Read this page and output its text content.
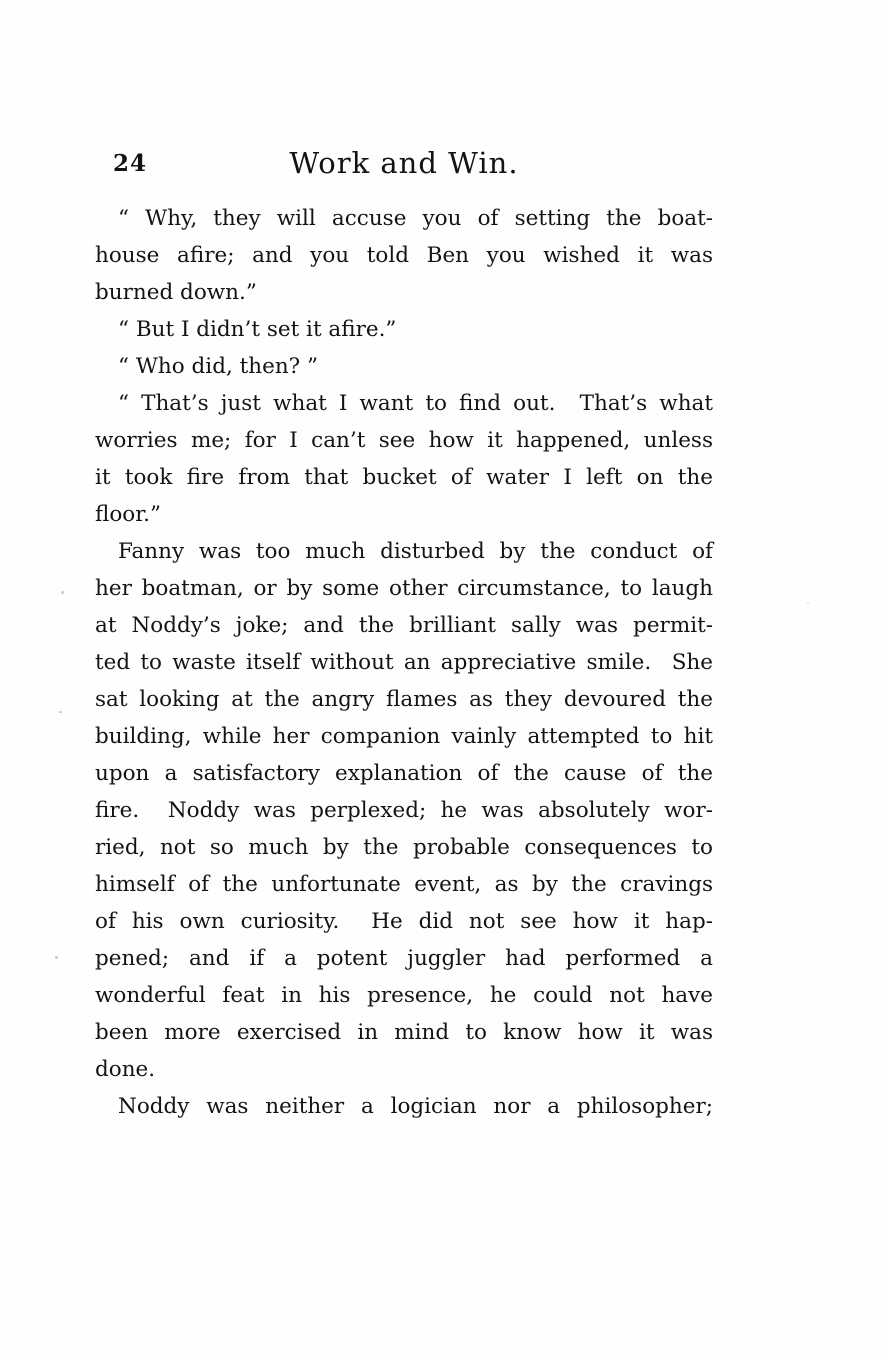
24	Work and Win.
“ Why, they will accuse you of setting the boat-
house afire; and you told Ben you wished it was
burned down.”
“ But I didn’t set it afire.”
“ Who did, then? ”
“ That’s just what I want to find out.  That’s what
worries me; for I can’t see how it happened, unless
it took fire from that bucket of water I left on the
floor.”
Fanny was too much disturbed by the conduct of
her boatman, or by some other circumstance, to laugh
at Noddy’s joke; and the brilliant sally was permit-
ted to waste itself without an appreciative smile.  She
sat looking at the angry flames as they devoured the
building, while her companion vainly attempted to hit
upon a satisfactory explanation of the cause of the
fire.  Noddy was perplexed; he was absolutely wor-
ried, not so much by the probable consequences to
himself of the unfortunate event, as by the cravings
of his own curiosity.  He did not see how it hap-
pened; and if a potent juggler had performed a
wonderful feat in his presence, he could not have
been more exercised in mind to know how it was
done.
Noddy was neither a logician nor a philosopher;
